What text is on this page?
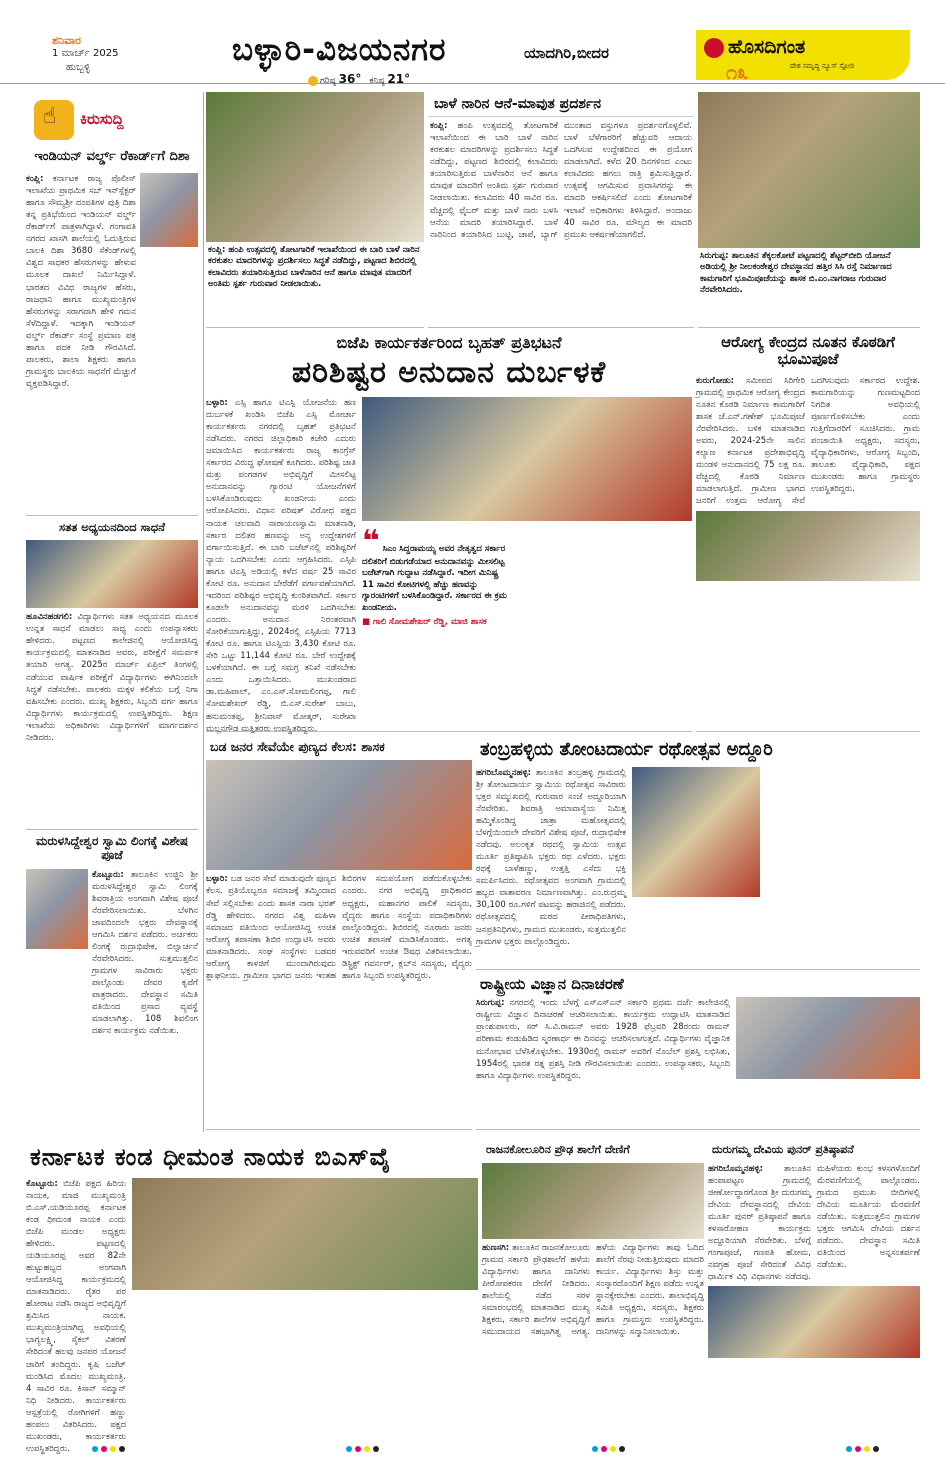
ಶನಿವಾರ
1 ಮಾರ್ಚ್ 2025
ಹುಬ್ಬಳ್ಳಿ	ಬಳ್ಳಾರಿ-ವಿಜಯನಗರ	ಯಾದಗಿರಿ,ಬೀದರ
ಗರಿಷ್ಠ 36° ಕನಿಷ್ಠ 21°
ಹೊಸದಿಗಂತ
ದೇಶ ಸಮೃದ್ಧಿ ನ್ಯೂಸ್ ಸ್ಟೋರಿ
೧೩
☝
ಕಿರುಸುದ್ದಿ
ಇಂಡಿಯನ್ ವರ್ಲ್ಡ್ ರೆಕಾರ್ಡ್‌ಗೆ ದಿಶಾ
ಕಂಪ್ಲಿ: ಕರ್ನಾಟಕ ರಾಜ್ಯ ಪೊಲೀಸ್ ಇಲಾಖೆಯ ಪ್ರಾಥಮಿಕ ಸಬ್ ಇನ್‌ಸ್ಪೆಕ್ಟರ್ ಹಾಗೂ ಸೌಮ್ಯಶ್ರೀ ದಂಪತಿಗಳ ಪುತ್ರಿ ದಿಶಾ ತನ್ನ ಪ್ರತಿಭೆಯಿಂದ ಇಂಡಿಯನ್ ವರ್ಲ್ಡ್ ರೆಕಾರ್ಡ್‌ಗೆ ಪಾತ್ರಳಾಗಿದ್ದಾಳೆ. ಗಂಗಾವತಿ ನಗರದ ಖಾಸಗಿ ಶಾಲೆಯಲ್ಲಿ ಓದುತ್ತಿರುವ ಬಾಲಕಿ ದಿಶಾ 3680 ಸೆಕೆಂಡ್‌ಗಳಲ್ಲಿ ವಿಶ್ವದ ಸಾಧಕರ ಹೆಸರುಗಳನ್ನು ಹೇಳುವ ಮೂಲಕ ದಾಖಲೆ ನಿರ್ಮಿಸಿದ್ದಾಳೆ. ಭಾರತದ ವಿವಿಧ ರಾಜ್ಯಗಳ ಹೆಸರು, ರಾಜಧಾನಿ ಹಾಗೂ ಮುಖ್ಯಮಂತ್ರಿಗಳ ಹೆಸರುಗಳನ್ನು ಸರಾಗವಾಗಿ ಹೇಳಿ ಗಮನ ಸೆಳೆದಿದ್ದಾಳೆ. ಇದಕ್ಕಾಗಿ ಇಂಡಿಯನ್ ವರ್ಲ್ಡ್ ರೆಕಾರ್ಡ್ ಸಂಸ್ಥೆ ಪ್ರಮಾಣ ಪತ್ರ ಹಾಗೂ ಪದಕ ನೀಡಿ ಗೌರವಿಸಿದೆ. ಪಾಲಕರು, ಶಾಲಾ ಶಿಕ್ಷಕರು ಹಾಗೂ ಗ್ರಾಮಸ್ಥರು ಬಾಲಕಿಯ ಸಾಧನೆಗೆ ಮೆಚ್ಚುಗೆ ವ್ಯಕ್ತಪಡಿಸಿದ್ದಾರೆ.
ಸತತ ಅಧ್ಯಯನದಿಂದ ಸಾಧನೆ
ಹೂವಿನಹಡಗಲಿ: ವಿದ್ಯಾರ್ಥಿಗಳು ಸತತ ಅಧ್ಯಯನದ ಮೂಲಕ ಉನ್ನತ ಸಾಧನೆ ಮಾಡಲು ಸಾಧ್ಯ ಎಂದು ಉಪನ್ಯಾಸಕರು ಹೇಳಿದರು. ಪಟ್ಟಣದ ಕಾಲೇಜಿನಲ್ಲಿ ಆಯೋಜಿಸಿದ್ದ ಕಾರ್ಯಕ್ರಮದಲ್ಲಿ ಮಾತನಾಡಿದ ಅವರು, ಪರೀಕ್ಷೆಗೆ ಸಮರ್ಪಕ ತಯಾರಿ ಅಗತ್ಯ. 2025ರ ಮಾರ್ಚ್ ಏಪ್ರಿಲ್ ತಿಂಗಳಲ್ಲಿ ನಡೆಯುವ ವಾರ್ಷಿಕ ಪರೀಕ್ಷೆಗೆ ವಿದ್ಯಾರ್ಥಿಗಳು ಈಗಿನಿಂದಲೇ ಸಿದ್ಧತೆ ನಡೆಸಬೇಕು. ಪಾಲಕರು ಮಕ್ಕಳ ಕಲಿಕೆಯ ಬಗ್ಗೆ ನಿಗಾ ವಹಿಸಬೇಕು ಎಂದರು. ಮುಖ್ಯ ಶಿಕ್ಷಕರು, ಸಿಬ್ಬಂದಿ ವರ್ಗ ಹಾಗೂ ವಿದ್ಯಾರ್ಥಿಗಳು ಕಾರ್ಯಕ್ರಮದಲ್ಲಿ ಉಪಸ್ಥಿತರಿದ್ದರು. ಶಿಕ್ಷಣ ಇಲಾಖೆಯ ಅಧಿಕಾರಿಗಳು ವಿದ್ಯಾರ್ಥಿಗಳಿಗೆ ಮಾರ್ಗದರ್ಶನ ನೀಡಿದರು.
ಮರುಳಸಿದ್ದೇಶ್ವರ ಸ್ವಾಮಿ ಲಿಂಗಕ್ಕೆ ವಿಶೇಷ ಪೂಜೆ
ಕೊಟ್ಟೂರು: ತಾಲೂಕಿನ ಉಜ್ಜಿನಿ ಶ್ರೀ ಮರುಳಸಿದ್ದೇಶ್ವರ ಸ್ವಾಮಿ ಲಿಂಗಕ್ಕೆ ಶಿವರಾತ್ರಿಯ ಅಂಗವಾಗಿ ವಿಶೇಷ ಪೂಜೆ ನೆರವೇರಿಸಲಾಯಿತು. ಬೆಳಗಿನ ಜಾವದಿಂದಲೇ ಭಕ್ತರು ದೇವಸ್ಥಾನಕ್ಕೆ ಆಗಮಿಸಿ ದರ್ಶನ ಪಡೆದರು. ಅರ್ಚಕರು ಲಿಂಗಕ್ಕೆ ರುದ್ರಾಭಿಷೇಕ, ಬಿಲ್ವಾರ್ಚನೆ ನೆರವೇರಿಸಿದರು. ಸುತ್ತಮುತ್ತಲಿನ ಗ್ರಾಮಗಳ ಸಾವಿರಾರು ಭಕ್ತರು ಪಾಲ್ಗೊಂಡು ದೇವರ ಕೃಪೆಗೆ ಪಾತ್ರರಾದರು. ದೇವಸ್ಥಾನ ಸಮಿತಿ ವತಿಯಿಂದ ಪ್ರಸಾದ ವ್ಯವಸ್ಥೆ ಮಾಡಲಾಗಿತ್ತು. 108 ಶಿವಲಿಂಗ ದರ್ಶನ ಕಾರ್ಯಕ್ರಮ ನಡೆಯಿತು.
ಕಂಪ್ಲಿ: ಹಂಪಿ ಉತ್ಸವದಲ್ಲಿ ತೋಟಗಾರಿಕೆ ಇಲಾಖೆಯಿಂದ ಈ ಬಾರಿ ಬಾಳೆ ನಾರಿನ ಕರಕುಶಲ ಮಾದರಿಗಳನ್ನು ಪ್ರದರ್ಶಿಸಲು ಸಿದ್ಧತೆ ನಡೆದಿದ್ದು, ಪಟ್ಟಣದ ಶಿಬಿರದಲ್ಲಿ ಕಲಾವಿದರು ತಯಾರಿಸುತ್ತಿರುವ ಬಾಳೆನಾರಿನ ಆನೆ ಹಾಗೂ ಮಾವುತ ಮಾದರಿಗೆ ಅಂತಿಮ ಸ್ಪರ್ಶ ಗುರುವಾರ ನೀಡಲಾಯಿತು.
ಬಾಳೆ ನಾರಿನ ಆನೆ-ಮಾವುತ ಪ್ರದರ್ಶನ
ಕಂಪ್ಲಿ: ಹಂಪಿ ಉತ್ಸವದಲ್ಲಿ ತೋಟಗಾರಿಕೆ ಇಲಾಖೆಯಿಂದ ಈ ಬಾರಿ ಬಾಳೆ ನಾರಿನ ಕರಕುಶಲ ಮಾದರಿಗಳನ್ನು ಪ್ರದರ್ಶಿಸಲು ಸಿದ್ಧತೆ ನಡೆದಿದ್ದು, ಪಟ್ಟಣದ ಶಿಬಿರದಲ್ಲಿ ಕಲಾವಿದರು ತಯಾರಿಸುತ್ತಿರುವ ಬಾಳೆನಾರಿನ ಆನೆ ಹಾಗೂ ಮಾವುತ ಮಾದರಿಗೆ ಅಂತಿಮ ಸ್ಪರ್ಶ ಗುರುವಾರ ನೀಡಲಾಯಿತು. ಕಲಾವಿದರು 40 ಸಾವಿರ ರೂ. ವೆಚ್ಚದಲ್ಲಿ ಫೈಬರ್ ಮತ್ತು ಬಾಳೆ ನಾರು ಬಳಸಿ ಆನೆಯ ಮಾದರಿ ತಯಾರಿಸಿದ್ದಾರೆ. ಬಾಳೆ ನಾರಿನಿಂದ ತಯಾರಿಸಿದ ಬುಟ್ಟಿ, ಚಾಪೆ, ಬ್ಯಾಗ್ ಮುಂತಾದ ವಸ್ತುಗಳೂ ಪ್ರದರ್ಶನಗೊಳ್ಳಲಿವೆ. ಬಾಳೆ ಬೆಳೆಗಾರರಿಗೆ ಹೆಚ್ಚುವರಿ ಆದಾಯ ಒದಗಿಸುವ ಉದ್ದೇಶದಿಂದ ಈ ಪ್ರಯೋಗ ಮಾಡಲಾಗಿದೆ. ಕಳೆದ 20 ದಿನಗಳಿಂದ ಎಂಟು ಕಲಾವಿದರು ಹಗಲು ರಾತ್ರಿ ಶ್ರಮಿಸುತ್ತಿದ್ದಾರೆ. ಉತ್ಸವಕ್ಕೆ ಆಗಮಿಸುವ ಪ್ರವಾಸಿಗರನ್ನು ಈ ಮಾದರಿ ಆಕರ್ಷಿಸಲಿದೆ ಎಂದು ತೋಟಗಾರಿಕೆ ಇಲಾಖೆ ಅಧಿಕಾರಿಗಳು ತಿಳಿಸಿದ್ದಾರೆ. ಅಂದಾಜು 40 ಸಾವಿರ ರೂ. ಮೌಲ್ಯದ ಈ ಮಾದರಿ ಪ್ರಮುಖ ಆಕರ್ಷಣೆಯಾಗಲಿದೆ.
ಸಿರುಗುಪ್ಪ: ತಾಲೂಕಿನ ತೆಕ್ಕಲಕೋಟೆ ಪಟ್ಟಣದಲ್ಲಿ ಶೆಟ್ಟರ್‌ಬೀದಿ ಯೋಜನೆ ಅಡಿಯಲ್ಲಿ ಶ್ರೀ ನೀಲಕಂಠೇಶ್ವರ ದೇವಸ್ಥಾನದ ಹತ್ತಿರ ಸಿಸಿ ರಸ್ತೆ ನಿರ್ಮಾಣದ ಕಾಮಗಾರಿಗೆ ಭೂಮಿಪೂಜೆಯನ್ನು ಶಾಸಕ ಬಿ.ಎಂ.ನಾಗರಾಜ ಗುರುವಾರ ನೆರವೇರಿಸಿದರು.
ಬಿಜೆಪಿ ಕಾರ್ಯಕರ್ತರಿಂದ ಬೃಹತ್ ಪ್ರತಿಭಟನೆ
ಪರಿಶಿಷ್ಟರ ಅನುದಾನ ದುರ್ಬಳಕೆ
ಬಳ್ಳಾರಿ: ಎಸ್ಸಿ ಹಾಗೂ ಟಿಎಸ್ಪಿ ಯೋಜನೆಯ ಹಣ ದುರ್ಬಳಕೆ ಖಂಡಿಸಿ ಬಿಜೆಪಿ ಎಸ್ಸಿ ಮೋರ್ಚಾ ಕಾರ್ಯಕರ್ತರು ನಗರದಲ್ಲಿ ಬೃಹತ್ ಪ್ರತಿಭಟನೆ ನಡೆಸಿದರು. ನಗರದ ಜಿಲ್ಲಾಧಿಕಾರಿ ಕಚೇರಿ ಎದುರು ಜಮಾಯಿಸಿದ ಕಾರ್ಯಕರ್ತರು ರಾಜ್ಯ ಕಾಂಗ್ರೆಸ್ ಸರ್ಕಾರದ ವಿರುದ್ಧ ಘೋಷಣೆ ಕೂಗಿದರು. ಪರಿಶಿಷ್ಟ ಜಾತಿ ಮತ್ತು ಪಂಗಡಗಳ ಅಭಿವೃದ್ಧಿಗೆ ಮೀಸಲಿಟ್ಟ ಅನುದಾನವನ್ನು ಗ್ಯಾರಂಟಿ ಯೋಜನೆಗಳಿಗೆ ಬಳಸಿಕೊಂಡಿರುವುದು ಖಂಡನೀಯ ಎಂದು ಆರೋಪಿಸಿದರು. ವಿಧಾನ ಪರಿಷತ್ ವಿರೋಧ ಪಕ್ಷದ ನಾಯಕ ಚಲವಾದಿ ನಾರಾಯಣಸ್ವಾಮಿ ಮಾತನಾಡಿ, ಸರ್ಕಾರ ದಲಿತರ ಹಣವನ್ನು ಅನ್ಯ ಉದ್ದೇಶಗಳಿಗೆ ವರ್ಗಾಯಿಸುತ್ತಿದೆ. ಈ ಬಾರಿ ಬಜೆಟ್‌ನಲ್ಲಿ ಪರಿಶಿಷ್ಟರಿಗೆ ನ್ಯಾಯ ಒದಗಿಸಬೇಕು ಎಂದು ಆಗ್ರಹಿಸಿದರು. ಎಸ್ಸಿಪಿ ಹಾಗೂ ಟಿಎಸ್ಪಿ ಅಡಿಯಲ್ಲಿ ಕಳೆದ ವರ್ಷ 25 ಸಾವಿರ ಕೋಟಿ ರೂ. ಅನುದಾನ ಬೇರೆಡೆಗೆ ವರ್ಗಾವಣೆಯಾಗಿದೆ. ಇದರಿಂದ ಪರಿಶಿಷ್ಟರ ಅಭಿವೃದ್ಧಿ ಕುಂಠಿತವಾಗಿದೆ. ಸರ್ಕಾರ ಕೂಡಲೇ ಅನುದಾನವನ್ನು ಮರಳಿ ಒದಗಿಸಬೇಕು ಎಂದರು. ಅನುದಾನ ನಿರಂತರವಾಗಿ ಸೋರಿಕೆಯಾಗುತ್ತಿದ್ದು, 2024ರಲ್ಲಿ ಎಸ್ಸಿಪಿಯ 7713 ಕೋಟಿ ರೂ. ಹಾಗೂ ಟಿಎಸ್ಪಿಯ 3,430 ಕೋಟಿ ರೂ. ಸೇರಿ ಒಟ್ಟು 11,144 ಕೋಟಿ ರೂ. ಬೇರೆ ಉದ್ದೇಶಕ್ಕೆ ಬಳಕೆಯಾಗಿದೆ. ಈ ಬಗ್ಗೆ ಸಮಗ್ರ ತನಿಖೆ ನಡೆಸಬೇಕು ಎಂದು ಒತ್ತಾಯಿಸಿದರು. ಮುಖಂಡರಾದ ಡಾ.ಮಹಿಪಾಲ್, ಎಂ.ಎಸ್.ಸೋಮಲಿಂಗಪ್ಪ, ಗಾಲಿ ಸೋಮಶೇಖರ್ ರೆಡ್ಡಿ, ಬಿ.ಎಸ್.ಸುರೇಶ್ ಬಾಬು, ಹನುಮಂತಪ್ಪ, ಶ್ರೀನಿವಾಸ್ ಮೋತ್ಕರ್, ಸುರೇಖಾ ಮಲ್ಲನಗೌಡ ಮತ್ತಿತರರು ಉಪಸ್ಥಿತರಿದ್ದರು.
❝ ಸಿಎಂ ಸಿದ್ದರಾಮಯ್ಯ ಅವರ ನೇತೃತ್ವದ ಸರ್ಕಾರ ದಲಿತರಿಗೆ ಬಿಡುಗಡೆಯಾದ ಅನುದಾನವನ್ನು ಮೀಸಲಿಟ್ಟ ಬಜೆಟ್‌ಗಾಗಿ ಗುದ್ದಾಟ ನಡೆಸಿದ್ದಾರೆ. ಇದೀಗ ಮಿನಿಷ್ಟ್ರ 11 ಸಾವಿರ ಕೋಟಿಗಳಲ್ಲಿ ಹೆಚ್ಚು ಹಣವನ್ನು ಗ್ಯಾರಂಟಿಗಳಿಗೆ ಬಳಸಿಕೊಂಡಿದ್ದಾರೆ. ಸರ್ಕಾರದ ಈ ಕ್ರಮ ಖಂಡನೀಯ.
■ ಗಾಲಿ ಸೋಮಶೇಖರ್ ರೆಡ್ಡಿ, ಮಾಜಿ ಶಾಸಕ
ಆರೋಗ್ಯ ಕೇಂದ್ರದ ನೂತನ ಕೊಠಡಿಗೆ ಭೂಮಿಪೂಜೆ
ಕುರುಗೋಡು: ಸಮೀಪದ ಸಿರಿಗೇರಿ ಗ್ರಾಮದಲ್ಲಿ ಪ್ರಾಥಮಿಕ ಆರೋಗ್ಯ ಕೇಂದ್ರದ ನೂತನ ಕೊಠಡಿ ನಿರ್ಮಾಣ ಕಾಮಗಾರಿಗೆ ಶಾಸಕ ಜೆ.ಎನ್.ಗಣೇಶ್ ಭೂಮಿಪೂಜೆ ನೆರವೇರಿಸಿದರು. ಬಳಿಕ ಮಾತನಾಡಿದ ಅವರು, 2024-25ನೇ ಸಾಲಿನ ಕಲ್ಯಾಣ ಕರ್ನಾಟಕ ಪ್ರದೇಶಾಭಿವೃದ್ಧಿ ಮಂಡಳಿ ಅನುದಾನದಲ್ಲಿ 75 ಲಕ್ಷ ರೂ. ವೆಚ್ಚದಲ್ಲಿ ಕೊಠಡಿ ನಿರ್ಮಾಣ ಮಾಡಲಾಗುತ್ತಿದೆ. ಗ್ರಾಮೀಣ ಭಾಗದ ಜನರಿಗೆ ಉತ್ತಮ ಆರೋಗ್ಯ ಸೇವೆ ಒದಗಿಸುವುದು ಸರ್ಕಾರದ ಉದ್ದೇಶ. ಕಾಮಗಾರಿಯನ್ನು ಗುಣಮಟ್ಟದಿಂದ ನಿಗದಿತ ಅವಧಿಯಲ್ಲಿ ಪೂರ್ಣಗೊಳಿಸಬೇಕು ಎಂದು ಗುತ್ತಿಗೆದಾರರಿಗೆ ಸೂಚಿಸಿದರು. ಗ್ರಾಮ ಪಂಚಾಯಿತಿ ಅಧ್ಯಕ್ಷರು, ಸದಸ್ಯರು, ವೈದ್ಯಾಧಿಕಾರಿಗಳು, ಆರೋಗ್ಯ ಸಿಬ್ಬಂದಿ, ತಾಲೂಕು ವೈದ್ಯಾಧಿಕಾರಿ, ಪಕ್ಷದ ಮುಖಂಡರು ಹಾಗೂ ಗ್ರಾಮಸ್ಥರು ಉಪಸ್ಥಿತರಿದ್ದರು.
ಬಡ ಜನರ ಸೇವೆಯೇ ಪುಣ್ಯದ ಕೆಲಸ: ಶಾಸಕ
ಬಳ್ಳಾರಿ: ಬಡ ಜನರ ಸೇವೆ ಮಾಡುವುದೇ ಪುಣ್ಯದ ಕೆಲಸ. ಪ್ರತಿಯೊಬ್ಬರೂ ಸಮಾಜಕ್ಕೆ ತಮ್ಮಿಂದಾದ ಸೇವೆ ಸಲ್ಲಿಸಬೇಕು ಎಂದು ಶಾಸಕ ನಾರಾ ಭರತ್ ರೆಡ್ಡಿ ಹೇಳಿದರು. ನಗರದ ವಿಶ್ವ ಮಹಿಳಾ ಸಮಾಜದ ವತಿಯಿಂದ ಆಯೋಜಿಸಿದ್ದ ಉಚಿತ ಆರೋಗ್ಯ ತಪಾಸಣಾ ಶಿಬಿರ ಉದ್ಘಾಟಿಸಿ ಅವರು ಮಾತನಾಡಿದರು. ಸಂಘ ಸಂಸ್ಥೆಗಳು ಬಡವರ ಆರೋಗ್ಯ ಕಾಳಜಿಗೆ ಮುಂದಾಗಿರುವುದು ಶ್ಲಾಘನೀಯ. ಗ್ರಾಮೀಣ ಭಾಗದ ಜನರು ಇಂತಹ ಶಿಬಿರಗಳ ಸದುಪಯೋಗ ಪಡೆದುಕೊಳ್ಳಬೇಕು ಎಂದರು. ನಗರ ಅಭಿವೃದ್ಧಿ ಪ್ರಾಧಿಕಾರದ ಅಧ್ಯಕ್ಷರು, ಮಹಾನಗರ ಪಾಲಿಕೆ ಸದಸ್ಯರು, ವೈದ್ಯರು ಹಾಗೂ ಸಂಸ್ಥೆಯ ಪದಾಧಿಕಾರಿಗಳು ಪಾಲ್ಗೊಂಡಿದ್ದರು. ಶಿಬಿರದಲ್ಲಿ ನೂರಾರು ಜನರು ಉಚಿತ ತಪಾಸಣೆ ಮಾಡಿಸಿಕೊಂಡರು. ಅಗತ್ಯ ಇರುವವರಿಗೆ ಉಚಿತ ಔಷಧ ವಿತರಿಸಲಾಯಿತು. ಡಿಸ್ಟ್ರಿಕ್ಟ್ ಗವರ್ನರ್, ಕ್ಲಬ್‌ನ ಸದಸ್ಯರು, ವೈದ್ಯರು ಹಾಗೂ ಸಿಬ್ಬಂದಿ ಉಪಸ್ಥಿತರಿದ್ದರು.
ತಂಬ್ರಹಳ್ಳಿಯ ತೋಂಟದಾರ್ಯ ರಥೋತ್ಸವ ಅದ್ದೂರಿ
ಹಗರಿಬೊಮ್ಮನಹಳ್ಳಿ: ತಾಲೂಕಿನ ತಂಬ್ರಹಳ್ಳಿ ಗ್ರಾಮದಲ್ಲಿ ಶ್ರೀ ತೋಂಟದಾರ್ಯ ಸ್ವಾಮಿಯ ರಥೋತ್ಸವ ಸಾವಿರಾರು ಭಕ್ತರ ಸಮ್ಮುಖದಲ್ಲಿ ಗುರುವಾರ ಸಂಜೆ ಅದ್ದೂರಿಯಾಗಿ ನೆರವೇರಿತು. ಶಿವರಾತ್ರಿ ಅಮಾವಾಸ್ಯೆಯ ನಿಮಿತ್ತ ಹಮ್ಮಿಕೊಂಡಿದ್ದ ಜಾತ್ರಾ ಮಹೋತ್ಸವದಲ್ಲಿ ಬೆಳಗ್ಗೆಯಿಂದಲೇ ದೇವರಿಗೆ ವಿಶೇಷ ಪೂಜೆ, ರುದ್ರಾಭಿಷೇಕ ನಡೆದವು. ಅಲಂಕೃತ ರಥದಲ್ಲಿ ಸ್ವಾಮಿಯ ಉತ್ಸವ ಮೂರ್ತಿ ಪ್ರತಿಷ್ಠಾಪಿಸಿ ಭಕ್ತರು ರಥ ಎಳೆದರು. ಭಕ್ತರು ರಥಕ್ಕೆ ಬಾಳೆಹಣ್ಣು, ಉತ್ತತ್ತಿ ಎಸೆದು ಭಕ್ತಿ ಸಮರ್ಪಿಸಿದರು. ರಥೋತ್ಸವದ ಅಂಗವಾಗಿ ಗ್ರಾಮದಲ್ಲಿ ಹಬ್ಬದ ವಾತಾವರಣ ನಿರ್ಮಾಣವಾಗಿತ್ತು. ಎಂ.ರುದ್ರಮ್ಮ 30,100 ರೂ.ಗಳಿಗೆ ಪಟವನ್ನು ಹರಾಜಿನಲ್ಲಿ ಪಡೆದರು. ರಥೋತ್ಸವದಲ್ಲಿ ಮಠದ ಪೀಠಾಧಿಪತಿಗಳು, ಜನಪ್ರತಿನಿಧಿಗಳು, ಗ್ರಾಮದ ಮುಖಂಡರು, ಸುತ್ತಮುತ್ತಲಿನ ಗ್ರಾಮಗಳ ಭಕ್ತರು ಪಾಲ್ಗೊಂಡಿದ್ದರು.
ರಾಷ್ಟ್ರೀಯ ವಿಜ್ಞಾನ ದಿನಾಚರಣೆ
ಸಿರುಗುಪ್ಪ: ನಗರದಲ್ಲಿ ಇಂದು ಬೆಳಗ್ಗೆ ಎಸ್‌ಎಸ್‌ಎನ್ ಸರ್ಕಾರಿ ಪ್ರಥಮ ದರ್ಜೆ ಕಾಲೇಜಿನಲ್ಲಿ ರಾಷ್ಟ್ರೀಯ ವಿಜ್ಞಾನ ದಿನಾಚರಣೆ ಆಚರಿಸಲಾಯಿತು. ಕಾರ್ಯಕ್ರಮ ಉದ್ಘಾಟಿಸಿ ಮಾತನಾಡಿದ ಪ್ರಾಂಶುಪಾಲರು, ಸರ್ ಸಿ.ವಿ.ರಾಮನ್ ಅವರು 1928 ಫೆಬ್ರವರಿ 28ರಂದು ರಾಮನ್ ಪರಿಣಾಮ ಕಂಡುಹಿಡಿದ ಸ್ಮರಣಾರ್ಥ ಈ ದಿನವನ್ನು ಆಚರಿಸಲಾಗುತ್ತದೆ. ವಿದ್ಯಾರ್ಥಿಗಳು ವೈಜ್ಞಾನಿಕ ಮನೋಭಾವ ಬೆಳೆಸಿಕೊಳ್ಳಬೇಕು. 1930ರಲ್ಲಿ ರಾಮನ್ ಅವರಿಗೆ ನೊಬೆಲ್ ಪ್ರಶಸ್ತಿ ಲಭಿಸಿತು, 1954ರಲ್ಲಿ ಭಾರತ ರತ್ನ ಪ್ರಶಸ್ತಿ ನೀಡಿ ಗೌರವಿಸಲಾಯಿತು ಎಂದರು. ಉಪನ್ಯಾಸಕರು, ಸಿಬ್ಬಂದಿ ಹಾಗೂ ವಿದ್ಯಾರ್ಥಿಗಳು ಉಪಸ್ಥಿತರಿದ್ದರು.
ಕರ್ನಾಟಕ ಕಂಡ ಧೀಮಂತ ನಾಯಕ ಬಿಎಸ್‌ವೈ
ಕೊಟ್ಟೂರು: ಬಿಜೆಪಿ ಪಕ್ಷದ ಹಿರಿಯ ನಾಯಕ, ಮಾಜಿ ಮುಖ್ಯಮಂತ್ರಿ ಬಿ.ಎಸ್.ಯಡಿಯೂರಪ್ಪ ಕರ್ನಾಟಕ ಕಂಡ ಧೀಮಂತ ನಾಯಕ ಎಂದು ಬಿಜೆಪಿ ಮಂಡಲ ಅಧ್ಯಕ್ಷರು ಹೇಳಿದರು. ಪಟ್ಟಣದಲ್ಲಿ ಯಡಿಯೂರಪ್ಪ ಅವರ 82ನೇ ಹುಟ್ಟುಹಬ್ಬದ ಅಂಗವಾಗಿ ಆಯೋಜಿಸಿದ್ದ ಕಾರ್ಯಕ್ರಮದಲ್ಲಿ ಮಾತನಾಡಿದರು. ರೈತರ ಪರ ಹೋರಾಟ ನಡೆಸಿ ರಾಜ್ಯದ ಅಭಿವೃದ್ಧಿಗೆ ಶ್ರಮಿಸಿದ ನಾಯಕ. ಮುಖ್ಯಮಂತ್ರಿಯಾಗಿದ್ದ ಅವಧಿಯಲ್ಲಿ ಭಾಗ್ಯಲಕ್ಷ್ಮಿ, ಸೈಕಲ್ ವಿತರಣೆ ಸೇರಿದಂತೆ ಹಲವು ಜನಪರ ಯೋಜನೆ ಜಾರಿಗೆ ತಂದಿದ್ದರು. ಕೃಷಿ ಬಜೆಟ್ ಮಂಡಿಸಿದ ಮೊದಲ ಮುಖ್ಯಮಂತ್ರಿ. 4 ಸಾವಿರ ರೂ. ಕಿಸಾನ್ ಸಮ್ಮಾನ್ ನಿಧಿ ನೀಡಿದರು. ಕಾರ್ಯಕರ್ತರು ಆಸ್ಪತ್ರೆಯಲ್ಲಿ ರೋಗಿಗಳಿಗೆ ಹಣ್ಣು ಹಂಪಲು ವಿತರಿಸಿದರು. ಪಕ್ಷದ ಮುಖಂಡರು, ಕಾರ್ಯಕರ್ತರು ಉಪಸ್ಥಿತರಿದ್ದರು.
ರಾಜನಕೋಲೂರಿನ ಪ್ರೌಢ ಶಾಲೆಗೆ ದೇಣಿಗೆ
ಹುಣಸಗಿ: ತಾಲೂಕಿನ ರಾಜನಕೋಲೂರು ಗ್ರಾಮದ ಸರ್ಕಾರಿ ಪ್ರೌಢಶಾಲೆಗೆ ಹಳೆಯ ವಿದ್ಯಾರ್ಥಿಗಳು ಹಾಗೂ ದಾನಿಗಳು ಪೀಠೋಪಕರಣ ದೇಣಿಗೆ ನೀಡಿದರು. ಶಾಲೆಯಲ್ಲಿ ನಡೆದ ಸರಳ ಸಮಾರಂಭದಲ್ಲಿ ಮಾತನಾಡಿದ ಮುಖ್ಯ ಶಿಕ್ಷಕರು, ಸರ್ಕಾರಿ ಶಾಲೆಗಳ ಅಭಿವೃದ್ಧಿಗೆ ಸಮುದಾಯದ ಸಹಭಾಗಿತ್ವ ಅಗತ್ಯ. ಹಳೆಯ ವಿದ್ಯಾರ್ಥಿಗಳು ತಾವು ಓದಿದ ಶಾಲೆಗೆ ನೆರವು ನೀಡುತ್ತಿರುವುದು ಮಾದರಿ ಕಾರ್ಯ. ವಿದ್ಯಾರ್ಥಿಗಳು ಶಿಸ್ತು ಮತ್ತು ಸಂಸ್ಕಾರದೊಂದಿಗೆ ಶಿಕ್ಷಣ ಪಡೆದು ಉನ್ನತ ಸ್ಥಾನಕ್ಕೇರಬೇಕು ಎಂದರು. ಶಾಲಾಭಿವೃದ್ಧಿ ಸಮಿತಿ ಅಧ್ಯಕ್ಷರು, ಸದಸ್ಯರು, ಶಿಕ್ಷಕರು ಹಾಗೂ ಗ್ರಾಮಸ್ಥರು ಉಪಸ್ಥಿತರಿದ್ದರು. ದಾನಿಗಳನ್ನು ಸನ್ಮಾನಿಸಲಾಯಿತು.
ದುರುಗಮ್ಮ ದೇವಿಯ ಪುನರ್ ಪ್ರತಿಷ್ಠಾಪನೆ
ಹಗರಿಬೊಮ್ಮನಹಳ್ಳಿ: ತಾಲೂಕಿನ ಹಂಪಾಪಟ್ಟಣ ಗ್ರಾಮದಲ್ಲಿ ಜೀರ್ಣೋದ್ಧಾರಗೊಂಡ ಶ್ರೀ ದುರುಗಮ್ಮ ದೇವಿಯ ದೇವಸ್ಥಾನದಲ್ಲಿ ದೇವಿಯ ಮೂರ್ತಿ ಪುನರ್ ಪ್ರತಿಷ್ಠಾಪನೆ ಹಾಗೂ ಕಳಸಾರೋಹಣ ಕಾರ್ಯಕ್ರಮ ಅದ್ದೂರಿಯಾಗಿ ನೆರವೇರಿತು. ಬೆಳಗ್ಗೆ ಗಂಗಾಪೂಜೆ, ಗಣಪತಿ ಹೋಮ, ನವಗ್ರಹ ಪೂಜೆ ಸೇರಿದಂತೆ ವಿವಿಧ ಧಾರ್ಮಿಕ ವಿಧಿ ವಿಧಾನಗಳು ನಡೆದವು. ಮಹಿಳೆಯರು ಕುಂಭ ಕಳಸಗಳೊಂದಿಗೆ ಮೆರವಣಿಗೆಯಲ್ಲಿ ಪಾಲ್ಗೊಂಡರು. ಗ್ರಾಮದ ಪ್ರಮುಖ ಬೀದಿಗಳಲ್ಲಿ ದೇವಿಯ ಮೂರ್ತಿಯ ಮೆರವಣಿಗೆ ನಡೆಯಿತು. ಸುತ್ತಮುತ್ತಲಿನ ಗ್ರಾಮಗಳ ಭಕ್ತರು ಆಗಮಿಸಿ ದೇವಿಯ ದರ್ಶನ ಪಡೆದರು. ದೇವಸ್ಥಾನ ಸಮಿತಿ ವತಿಯಿಂದ ಅನ್ನಸಂತರ್ಪಣೆ ನಡೆಯಿತು.
